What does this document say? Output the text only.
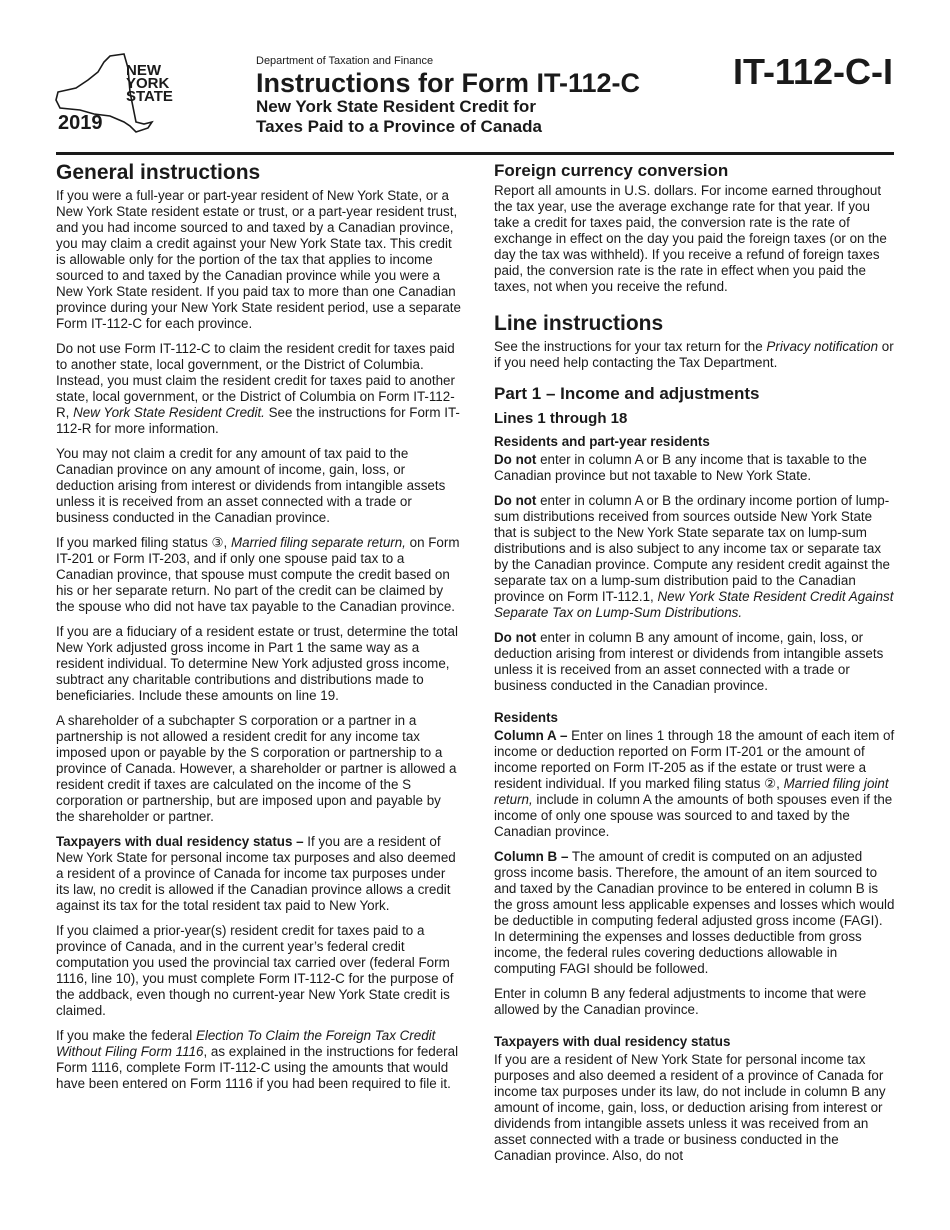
NEW
YORK
STATE
2019
Department of Taxation and Finance
Instructions for Form IT-112-C
New York State Resident Credit for
Taxes Paid to a Province of Canada
IT-112-C-I
General instructions

If you were a full-year or part-year resident of New York State, or a New York State resident estate or trust, or a part-year resident trust, and you had income sourced to and taxed by a Canadian province, you may claim a credit against your New York State tax. This credit is allowable only for the portion of the tax that applies to income sourced to and taxed by the Canadian province while you were a New York State resident. If you paid tax to more than one Canadian province during your New York State resident period, use a separate Form IT-112-C for each province.

Do not use Form IT-112-C to claim the resident credit for taxes paid to another state, local government, or the District of Columbia. Instead, you must claim the resident credit for taxes paid to another state, local government, or the District of Columbia on Form IT-112-R, New York State Resident Credit. See the instructions for Form IT-112-R for more information.

You may not claim a credit for any amount of tax paid to the Canadian province on any amount of income, gain, loss, or deduction arising from interest or dividends from intangible assets unless it is received from an asset connected with a trade or business conducted in the Canadian province.

If you marked filing status ③, Married filing separate return, on Form IT-201 or Form IT-203, and if only one spouse paid tax to a Canadian province, that spouse must compute the credit based on his or her separate return. No part of the credit can be claimed by the spouse who did not have tax payable to the Canadian province.

If you are a fiduciary of a resident estate or trust, determine the total New York adjusted gross income in Part 1 the same way as a resident individual. To determine New York adjusted gross income, subtract any charitable contributions and distributions made to beneficiaries. Include these amounts on line 19.

A shareholder of a subchapter S corporation or a partner in a partnership is not allowed a resident credit for any income tax imposed upon or payable by the S corporation or partnership to a province of Canada. However, a shareholder or partner is allowed a resident credit if taxes are calculated on the income of the S corporation or partnership, but are imposed upon and payable by the shareholder or partner.

Taxpayers with dual residency status – If you are a resident of New York State for personal income tax purposes and also deemed a resident of a province of Canada for income tax purposes under its law, no credit is allowed if the Canadian province allows a credit against its tax for the total resident tax paid to New York.

If you claimed a prior-year(s) resident credit for taxes paid to a province of Canada, and in the current year’s federal credit computation you used the provincial tax carried over (federal Form 1116, line 10), you must complete Form IT-112-C for the purpose of the addback, even though no current-year New York State credit is claimed.

If you make the federal Election To Claim the Foreign Tax Credit Without Filing Form 1116, as explained in the instructions for federal Form 1116, complete Form IT-112-C using the amounts that would have been entered on Form 1116 if you had been required to file it.

Foreign currency conversion

Report all amounts in U.S. dollars. For income earned throughout the tax year, use the average exchange rate for that year. If you take a credit for taxes paid, the conversion rate is the rate of exchange in effect on the day you paid the foreign taxes (or on the day the tax was withheld). If you receive a refund of foreign taxes paid, the conversion rate is the rate in effect when you paid the taxes, not when you receive the refund.

Line instructions

See the instructions for your tax return for the Privacy notification or if you need help contacting the Tax Department.

Part 1 – Income and adjustments
Lines 1 through 18
Residents and part-year residents

Do not enter in column A or B any income that is taxable to the Canadian province but not taxable to New York State.

Do not enter in column A or B the ordinary income portion of lump-sum distributions received from sources outside New York State that is subject to the New York State separate tax on lump-sum distributions and is also subject to any income tax or separate tax by the Canadian province. Compute any resident credit against the separate tax on a lump-sum distribution paid to the Canadian province on Form IT-112.1, New York State Resident Credit Against Separate Tax on Lump-Sum Distributions.

Do not enter in column B any amount of income, gain, loss, or deduction arising from interest or dividends from intangible assets unless it is received from an asset connected with a trade or business conducted in the Canadian province.

Residents

Column A – Enter on lines 1 through 18 the amount of each item of income or deduction reported on Form IT-201 or the amount of income reported on Form IT-205 as if the estate or trust were a resident individual. If you marked filing status ②, Married filing joint return, include in column A the amounts of both spouses even if the income of only one spouse was sourced to and taxed by the Canadian province.

Column B – The amount of credit is computed on an adjusted gross income basis. Therefore, the amount of an item sourced to and taxed by the Canadian province to be entered in column B is the gross amount less applicable expenses and losses which would be deductible in computing federal adjusted gross income (FAGI). In determining the expenses and losses deductible from gross income, the federal rules covering deductions allowable in computing FAGI should be followed.

Enter in column B any federal adjustments to income that were allowed by the Canadian province.

Taxpayers with dual residency status

If you are a resident of New York State for personal income tax purposes and also deemed a resident of a province of Canada for income tax purposes under its law, do not include in column B any amount of income, gain, loss, or deduction arising from interest or dividends from intangible assets unless it was received from an asset connected with a trade or business conducted in the Canadian province. Also, do not
